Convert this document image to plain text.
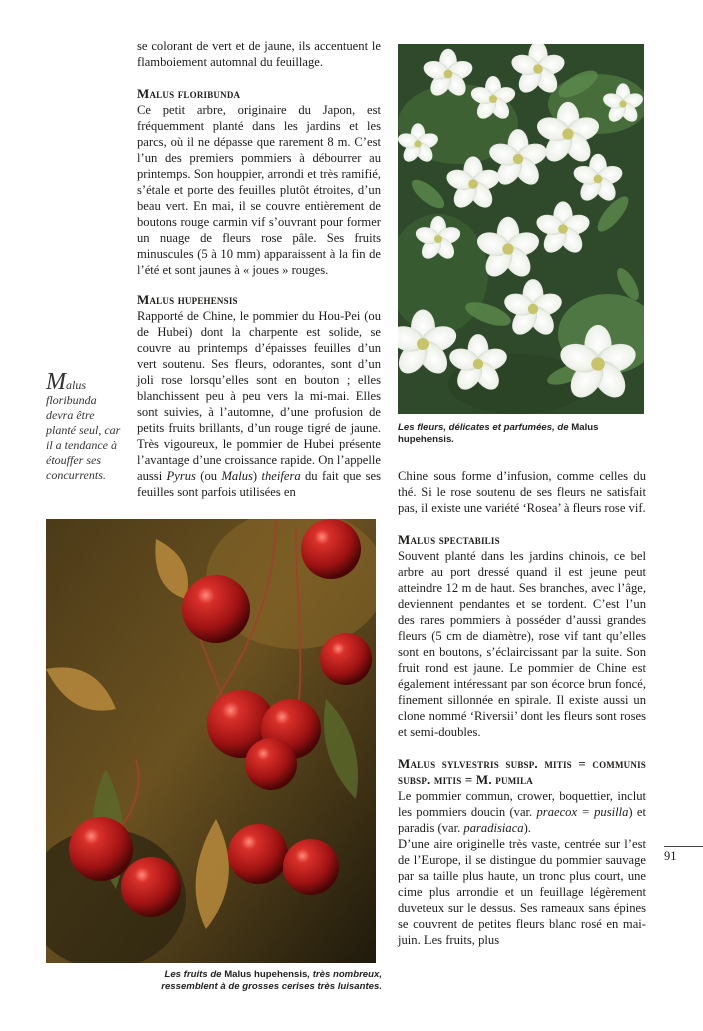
se colorant de vert et de jaune, ils accentuent le flamboiement automnal du feuillage.

Malus floribunda

Ce petit arbre, originaire du Japon, est fréquemment planté dans les jardins et les parcs, où il ne dépasse que rarement 8 m. C’est l’un des premiers pommiers à débourrer au printemps. Son houppier, arrondi et très ramifié, s’étale et porte des feuilles plutôt étroites, d’un beau vert. En mai, il se couvre entièrement de boutons rouge carmin vif s’ouvrant pour former un nuage de fleurs rose pâle. Ses fruits minuscules (5 à 10 mm) apparaissent à la fin de l’été et sont jaunes à « joues » rouges.

Malus hupehensis

Rapporté de Chine, le pommier du Hou-Pei (ou de Hubei) dont la charpente est solide, se couvre au printemps d’épaisses feuilles d’un vert soutenu. Ses fleurs, odorantes, sont d’un joli rose lorsqu’elles sont en bouton ; elles blanchissent peu à peu vers la mi-mai. Elles sont suivies, à l’automne, d’une profusion de petits fruits brillants, d’un rouge tigré de jaune. Très vigoureux, le pommier de Hubei présente l’avantage d’une croissance rapide. On l’appelle aussi Pyrus (ou Malus) theifera du fait que ses feuilles sont parfois utilisées en

Malus floribunda devra être planté seul, car il a tendance à étouffer ses concurrents.
Les fleurs, délicates et parfumées, de Malus hupehensis.
Les fruits de Malus hupehensis, très nombreux, ressemblent à de grosses cerises très luisantes.

Chine sous forme d’infusion, comme celles du thé. Si le rose soutenu de ses fleurs ne satisfait pas, il existe une variété ‘Rosea’ à fleurs rose vif.

Malus spectabilis

Souvent planté dans les jardins chinois, ce bel arbre au port dressé quand il est jeune peut atteindre 12 m de haut. Ses branches, avec l’âge, deviennent pendantes et se tordent. C’est l’un des rares pommiers à posséder d’aussi grandes fleurs (5 cm de diamètre), rose vif tant qu’elles sont en boutons, s’éclaircissant par la suite. Son fruit rond est jaune. Le pommier de Chine est également intéressant par son écorce brun foncé, finement sillonnée en spirale. Il existe aussi un clone nommé ‘Riversii’ dont les fleurs sont roses et semi-doubles.

Malus sylvestris subsp. mitis = communis subsp. mitis = M. pumila

Le pommier commun, crower, boquettier, inclut les pommiers doucin (var. praecox = pusilla) et paradis (var. paradisiaca).

D’une aire originelle très vaste, centrée sur l’est de l’Europe, il se distingue du pommier sauvage par sa taille plus haute, un tronc plus court, une cime plus arrondie et un feuillage légèrement duveteux sur le dessus. Ses rameaux sans épines se couvrent de petites fleurs blanc rosé en mai-juin. Les fruits, plus

91
